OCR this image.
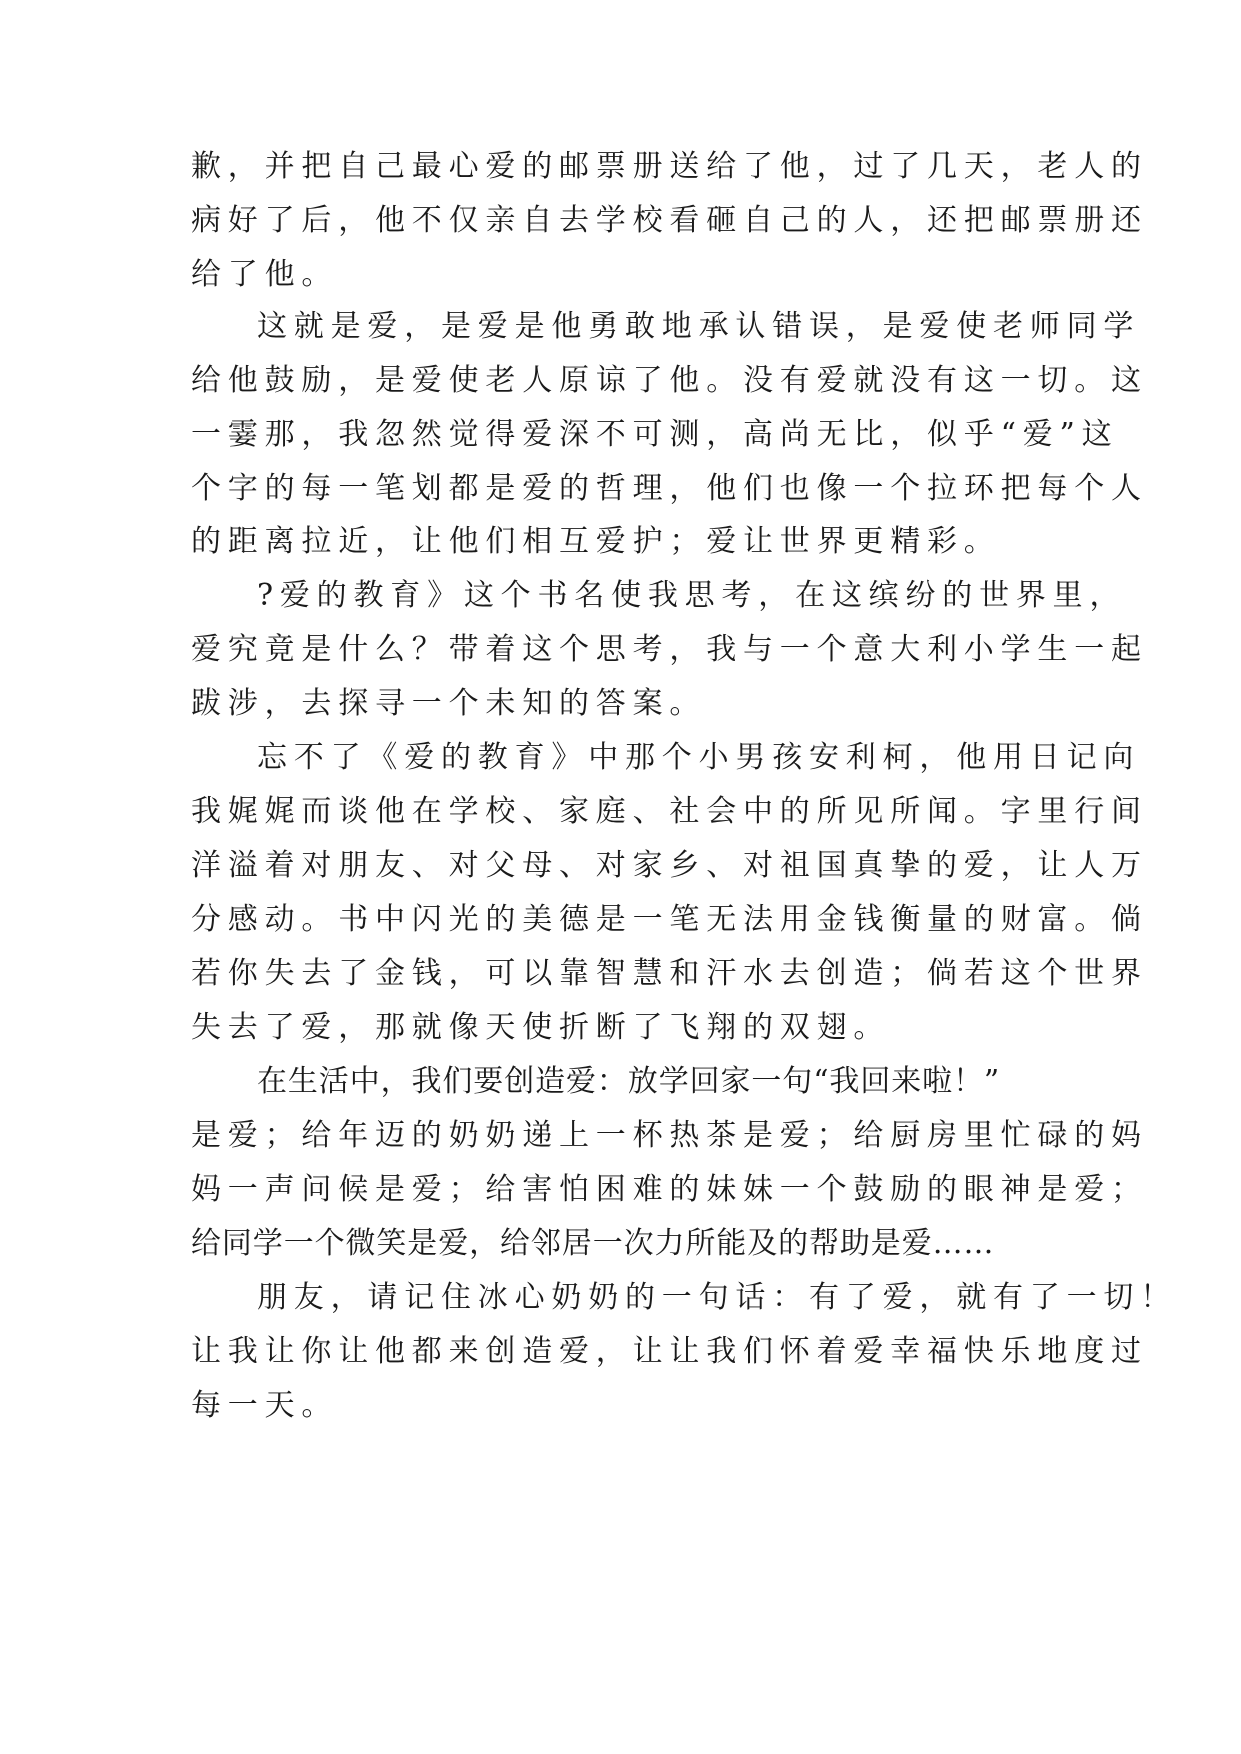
歉，并把自己最心爱的邮票册送给了他，过了几天，老人的

病好了后，他不仅亲自去学校看砸自己的人，还把邮票册还

给了他。

这就是爱，是爱是他勇敢地承认错误，是爱使老师同学

给他鼓励，是爱使老人原谅了他。没有爱就没有这一切。这

一霎那，我忽然觉得爱深不可测，高尚无比，似乎“爱”这

个字的每一笔划都是爱的哲理，他们也像一个拉环把每个人

的距离拉近，让他们相互爱护；爱让世界更精彩。

?爱的教育》这个书名使我思考，在这缤纷的世界里，

爱究竟是什么？带着这个思考，我与一个意大利小学生一起

跋涉，去探寻一个未知的答案。

忘不了《爱的教育》中那个小男孩安利柯，他用日记向

我娓娓而谈他在学校、家庭、社会中的所见所闻。字里行间

洋溢着对朋友、对父母、对家乡、对祖国真挚的爱，让人万

分感动。书中闪光的美德是一笔无法用金钱衡量的财富。倘

若你失去了金钱，可以靠智慧和汗水去创造；倘若这个世界

失去了爱，那就像天使折断了飞翔的双翅。

在生活中，我们要创造爱：放学回家一句“我回来啦！”

是爱；给年迈的奶奶递上一杯热茶是爱；给厨房里忙碌的妈

妈一声问候是爱；给害怕困难的妹妹一个鼓励的眼神是爱；

给同学一个微笑是爱，给邻居一次力所能及的帮助是爱……

朋友，请记住冰心奶奶的一句话：有了爱，就有了一切！

让我让你让他都来创造爱，让让我们怀着爱幸福快乐地度过

每一天。
